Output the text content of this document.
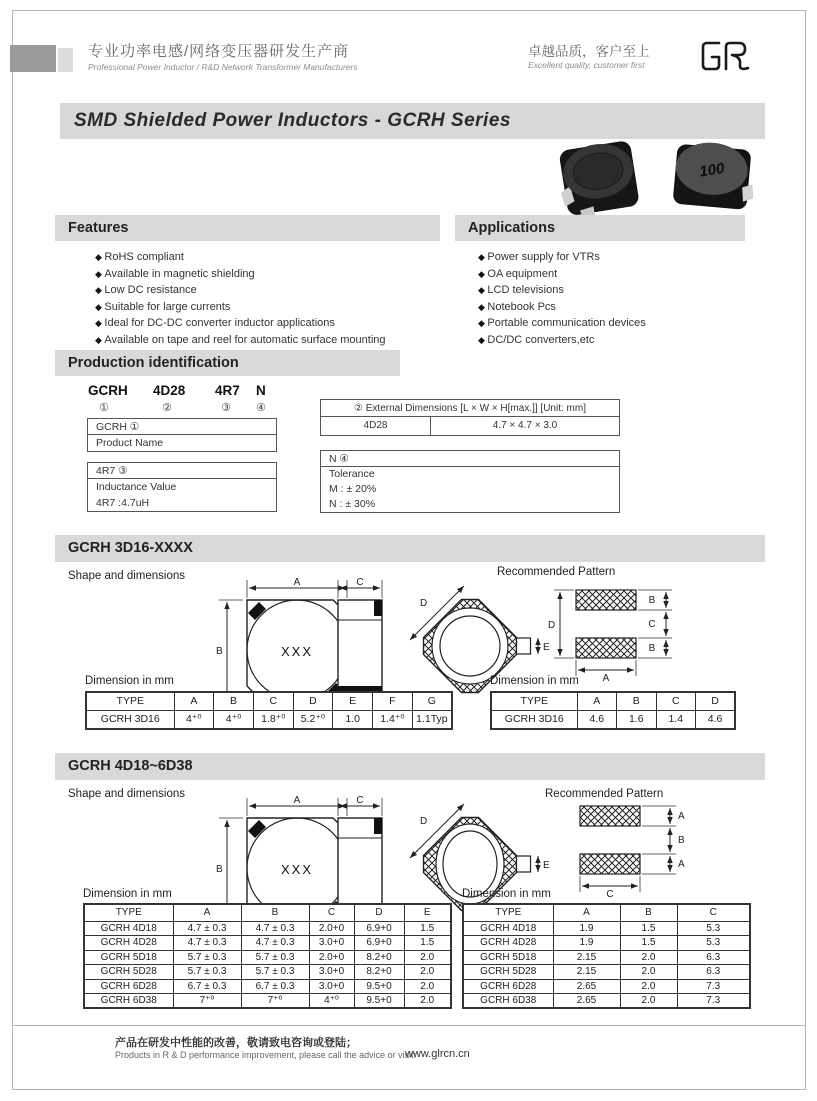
专业功率电感/网络变压器研发生产商
Professional Power Inductor / R&D Network Transformer Manufacturers
卓越品质，客户至上
Excellent quality, customer first
SMD Shielded Power Inductors - GCRH Series

100
Features
◆ RoHS compliant
◆ Available in magnetic shielding
◆ Low DC resistance
◆ Suitable for large currents
◆ Ideal for DC-DC converter inductor applications
◆ Available on tape and reel for automatic surface mounting
Applications
◆ Power supply for VTRs
◆ OA equipment
◆ LCD televisions
◆ Notebook Pcs
◆ Portable communication devices
◆ DC/DC converters,etc
Production identification
GCRH 4D28 4R7 N
①	②	③ ④
GCRH ①
Product Name
4R7 ③
Inductance Value
4R7 :4.7uH
② External Dimensions [L × W × H[max.]] [Unit: mm]
4D28	4.7 × 4.7 × 3.0
N ④
Tolerance
M : ± 20%
N : ± 30%
GCRH 3D16-XXXX
Shape and dimensions	Recommended Pattern
A
B	XXX
C
D
E
D
B
C
B
A
Dimension in mm
TYPE	A	B	C	D	E	F	G
GCRH 3D16	4⁺⁰	4⁺⁰	1.8⁺⁰	5.2⁺⁰	1.0	1.4⁺⁰	1.1Typ
Dimension in mm
TYPE	A	B	C	D
GCRH 3D16	4.6	1.6	1.4	4.6
GCRH 4D18~6D38
Shape and dimensions	Recommended Pattern
A
B	XXX
C
D
E
A
B
A
C
Dimension in mm
TYPE	A	B	C	D	E
GCRH 4D18	4.7 ± 0.3	4.7 ± 0.3	2.0+0	6.9+0	1.5
GCRH 4D28	4.7 ± 0.3	4.7 ± 0.3	3.0+0	6.9+0	1.5
GCRH 5D18	5.7 ± 0.3	5.7 ± 0.3	2.0+0	8.2+0	2.0
GCRH 5D28	5.7 ± 0.3	5.7 ± 0.3	3.0+0	8.2+0	2.0
GCRH 6D28	6.7 ± 0.3	6.7 ± 0.3	3.0+0	9.5+0	2.0
GCRH 6D38	7⁺⁰	7⁺⁰	4⁺⁰	9.5+0	2.0
Dimension in mm
TYPE	A	B	C
GCRH 4D18	1.9	1.5	5.3
GCRH 4D28	1.9	1.5	5.3
GCRH 5D18	2.15	2.0	6.3
GCRH 5D28	2.15	2.0	6.3
GCRH 6D28	2.65	2.0	7.3
GCRH 6D38	2.65	2.0	7.3
产品在研发中性能的改善，敬请致电咨询或登陆；
Products in R & D performance improvement, please call the advice or visit:
www.glrcn.cn
